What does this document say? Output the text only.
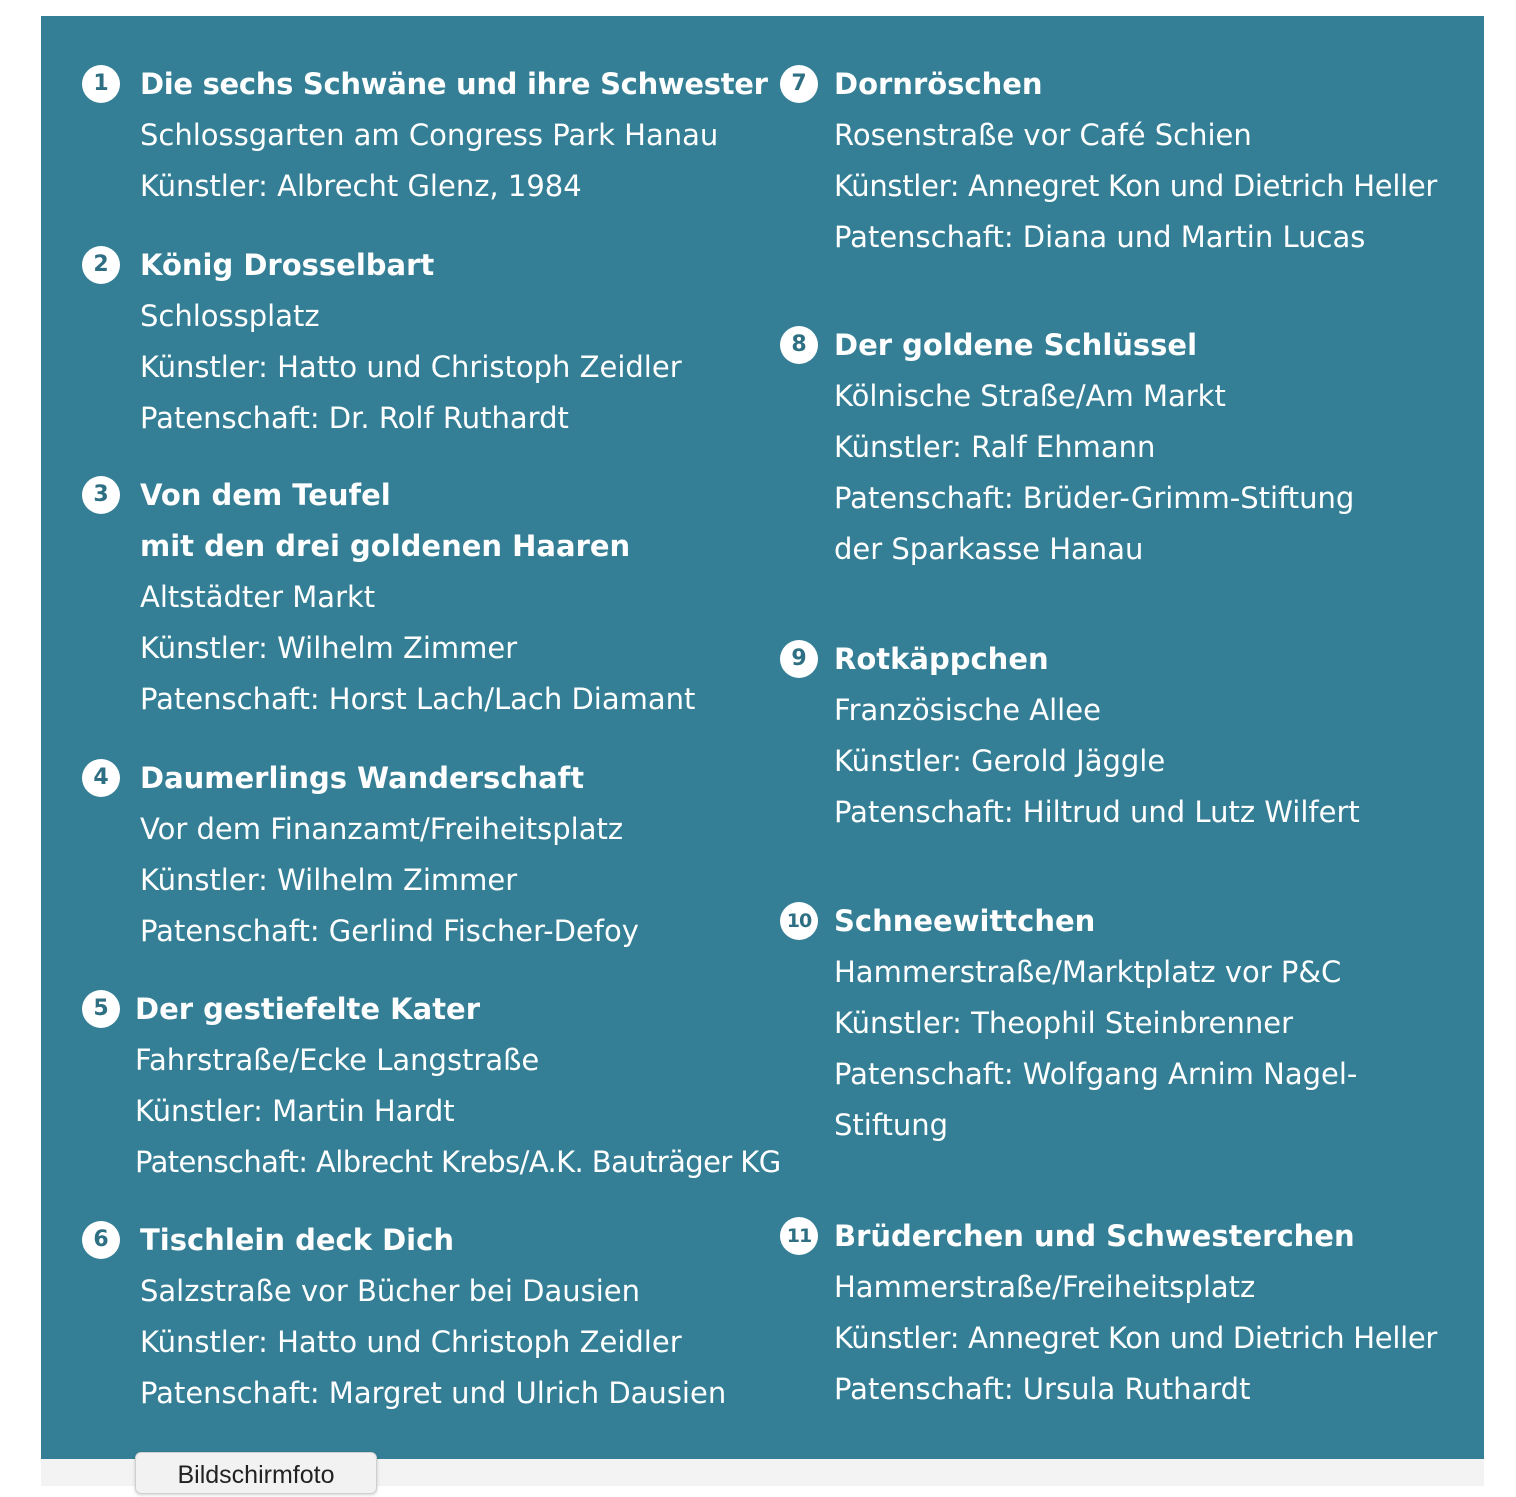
1	Die sechs Schwäne und ihre Schwester
Schlossgarten am Congress Park Hanau
Künstler: Albrecht Glenz, 1984
2	König Drosselbart
Schlossplatz
Künstler: Hatto und Christoph Zeidler
Patenschaft: Dr. Rolf Ruthardt
3	Von dem Teufel
mit den drei goldenen Haaren
Altstädter Markt
Künstler: Wilhelm Zimmer
Patenschaft: Horst Lach/Lach Diamant
4	Daumerlings Wanderschaft
Vor dem Finanzamt/Freiheitsplatz
Künstler: Wilhelm Zimmer
Patenschaft: Gerlind Fischer-Defoy
5 Der gestiefelte Kater
Fahrstraße/Ecke Langstraße
Künstler: Martin Hardt
Patenschaft: Albrecht Krebs/A.K. Bauträger KG
6	Tischlein deck Dich
Salzstraße vor Bücher bei Dausien
Künstler: Hatto und Christoph Zeidler
Patenschaft: Margret und Ulrich Dausien
7 Dornröschen
Rosenstraße vor Café Schien
Künstler: Annegret Kon und Dietrich Heller
Patenschaft: Diana und Martin Lucas
8 Der goldene Schlüssel
Kölnische Straße/Am Markt
Künstler: Ralf Ehmann
Patenschaft: Brüder-Grimm-Stiftung
der Sparkasse Hanau
9 Rotkäppchen
Französische Allee
Künstler: Gerold Jäggle
Patenschaft: Hiltrud und Lutz Wilfert
10 Schneewittchen
Hammerstraße/Marktplatz vor P&C
Künstler: Theophil Steinbrenner
Patenschaft: Wolfgang Arnim Nagel-
Stiftung
11 Brüderchen und Schwesterchen
Hammerstraße/Freiheitsplatz
Künstler: Annegret Kon und Dietrich Heller
Patenschaft: Ursula Ruthardt
Bildschirmfoto
